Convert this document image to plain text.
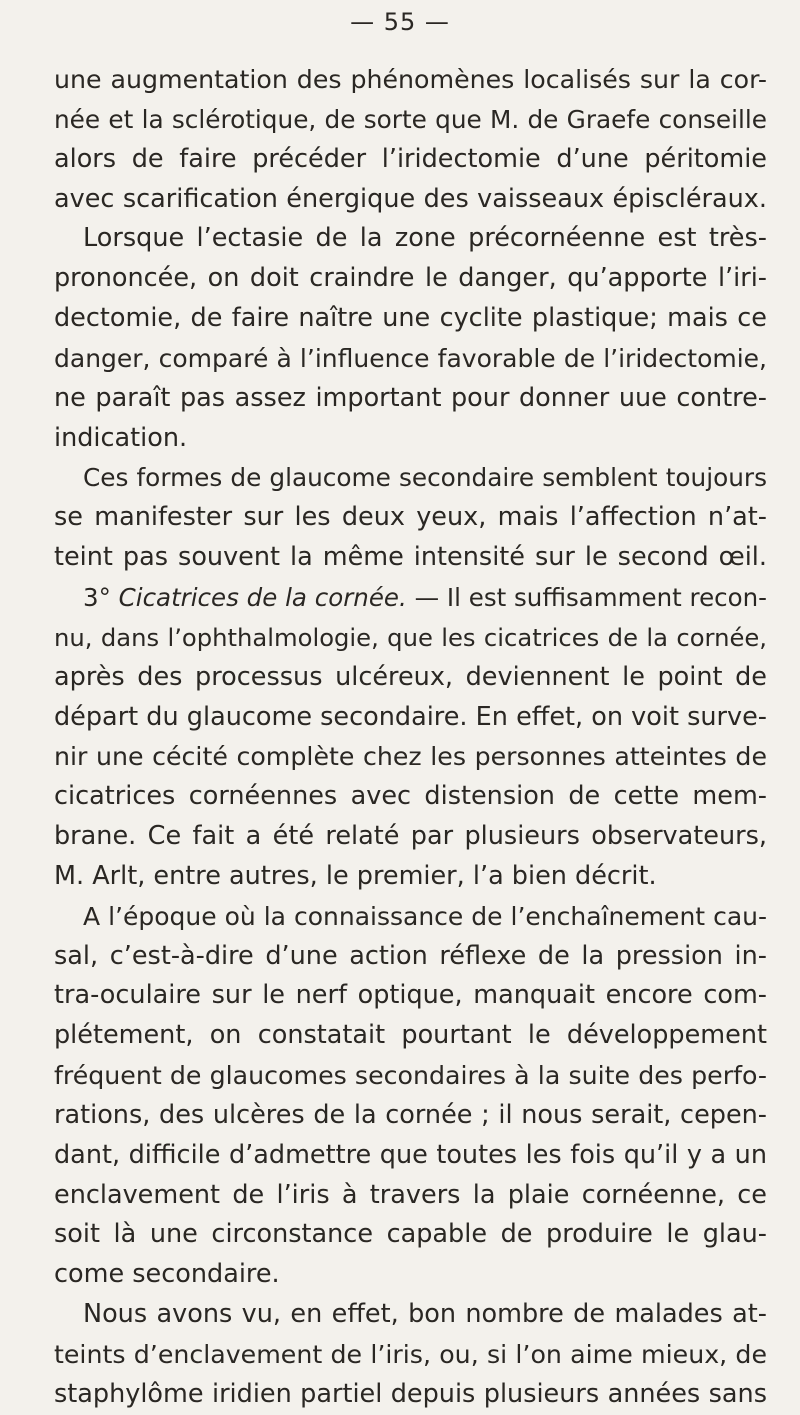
— 55 —
une augmentation des phénomènes localisés sur la cor-
née et la sclérotique, de sorte que M. de Graefe conseille
alors de faire précéder l’iridectomie d’une péritomie
avec scarification énergique des vaisseaux épiscléraux.
Lorsque l’ectasie de la zone précornéenne est très-
prononcée, on doit craindre le danger, qu’apporte l’iri-
dectomie, de faire naître une cyclite plastique; mais ce
danger, comparé à l’influence favorable de l’iridectomie,
ne paraît pas assez important pour donner uue contre-
indication.
Ces formes de glaucome secondaire semblent toujours
se manifester sur les deux yeux, mais l’affection n’at-
teint pas souvent la même intensité sur le second œil.
3° Cicatrices de la cornée. — Il est suffisamment recon-
nu, dans l’ophthalmologie, que les cicatrices de la cornée,
après des processus ulcéreux, deviennent le point de
départ du glaucome secondaire. En effet, on voit surve-
nir une cécité complète chez les personnes atteintes de
cicatrices cornéennes avec distension de cette mem-
brane. Ce fait a été relaté par plusieurs observateurs,
M. Arlt, entre autres, le premier, l’a bien décrit.
A l’époque où la connaissance de l’enchaînement cau-
sal, c’est-à-dire d’une action réflexe de la pression in-
tra-oculaire sur le nerf optique, manquait encore com-
plétement, on constatait pourtant le développement
fréquent de glaucomes secondaires à la suite des perfo-
rations, des ulcères de la cornée ; il nous serait, cepen-
dant, difficile d’admettre que toutes les fois qu’il y a un
enclavement de l’iris à travers la plaie cornéenne, ce
soit là une circonstance capable de produire le glau-
come secondaire.
Nous avons vu, en effet, bon nombre de malades at-
teints d’enclavement de l’iris, ou, si l’on aime mieux, de
staphylôme iridien partiel depuis plusieurs années sans
